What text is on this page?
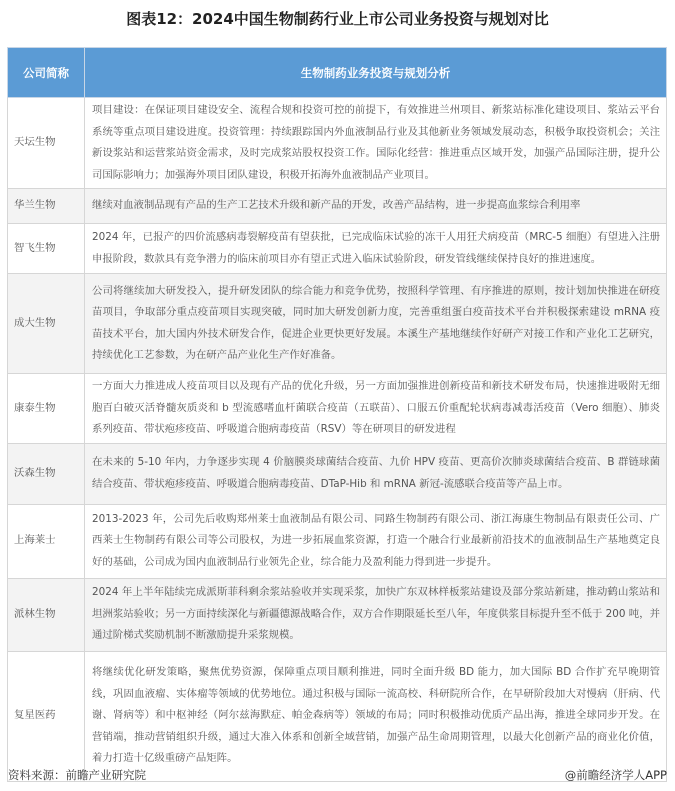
图表12：2024中国生物制药行业上市公司业务投资与规划对比
公司简称	生物制药业务投资与规划分析
天坛生物	项目建设：在保证项目建设安全、流程合规和投资可控的前提下，有效推进兰州项目、新浆站标准化建设项目、浆站云平台系统等重点项目建设进度。投资管理：持续跟踪国内外血液制品行业及其他新业务领域发展动态，积极争取投资机会；关注新设浆站和运营浆站资金需求，及时完成浆站股权投资工作。国际化经营：推进重点区域开发，加强产品国际注册，提升公司国际影响力；加强海外项目团队建设，积极开拓海外血液制品产业项目。
华兰生物	继续对血液制品现有产品的生产工艺技术升级和新产品的开发，改善产品结构，进一步提高血浆综合利用率
智飞生物	2024 年，已报产的四价流感病毒裂解疫苗有望获批，已完成临床试验的冻干人用狂犬病疫苗（MRC-5 细胞）有望进入注册申报阶段，数款具有竞争潜力的临床前项目亦有望正式进入临床试验阶段，研发管线继续保持良好的推进速度。
成大生物	公司将继续加大研发投入，提升研发团队的综合能力和竞争优势，按照科学管理、有序推进的原则，按计划加快推进在研疫苗项目，争取部分重点疫苗项目实现突破，同时加大研发创新力度，完善重组蛋白疫苗技术平台并积极探索建设 mRNA 疫苗技术平台，加大国内外技术研发合作，促进企业更快更好发展。本溪生产基地继续作好研产对接工作和产业化工艺研究，持续优化工艺参数，为在研产品产业化生产作好准备。
康泰生物	一方面大力推进成人疫苗项目以及现有产品的优化升级，另一方面加强推进创新疫苗和新技术研发布局，快速推进吸附无细胞百白破灭活脊髓灰质炎和 b 型流感嗜血杆菌联合疫苗（五联苗）、口服五价重配轮状病毒减毒活疫苗（Vero 细胞）、肺炎系列疫苗、带状疱疹疫苗、呼吸道合胞病毒疫苗（RSV）等在研项目的研发进程
沃森生物	在未来的 5-10 年内，力争逐步实现 4 价脑膜炎球菌结合疫苗、九价 HPV 疫苗、更高价次肺炎球菌结合疫苗、B 群链球菌结合疫苗、带状疱疹疫苗、呼吸道合胞病毒疫苗、DTaP-Hib 和 mRNA 新冠-流感联合疫苗等产品上市。
上海莱士	2013-2023 年，公司先后收购郑州莱士血液制品有限公司、同路生物制药有限公司、浙江海康生物制品有限责任公司、广西莱士生物制药有限公司等公司股权，为进一步拓展血浆资源，打造一个融合行业最新前沿技术的血液制品生产基地奠定良好的基础，公司成为国内血液制品行业领先企业，综合能力及盈利能力得到进一步提升。
派林生物	2024 年上半年陆续完成派斯菲科剩余浆站验收并实现采浆，加快广东双林样板浆站建设及部分浆站新建，推动鹤山浆站和坦洲浆站验收；另一方面持续深化与新疆德源战略合作，双方合作期限延长至八年，年度供浆目标提升至不低于 200 吨，并通过阶梯式奖励机制不断激励提升采浆规模。
复星医药	将继续优化研发策略，聚焦优势资源，保障重点项目顺利推进，同时全面升级 BD 能力，加大国际 BD 合作扩充早晚期管线，巩固血液瘤、实体瘤等领域的优势地位。通过积极与国际一流高校、科研院所合作，在早研阶段加大对慢病（肝病、代谢、肾病等）和中枢神经（阿尔兹海默症、帕金森病等）领域的布局；同时积极推动优质产品出海，推进全球同步开发。在营销端，推动营销组织升级，通过大准入体系和创新全域营销，加强产品生命周期管理，以最大化创新产品的商业化价值，着力打造十亿级重磅产品矩阵。
资料来源：前瞻产业研究院	@前瞻经济学人APP
